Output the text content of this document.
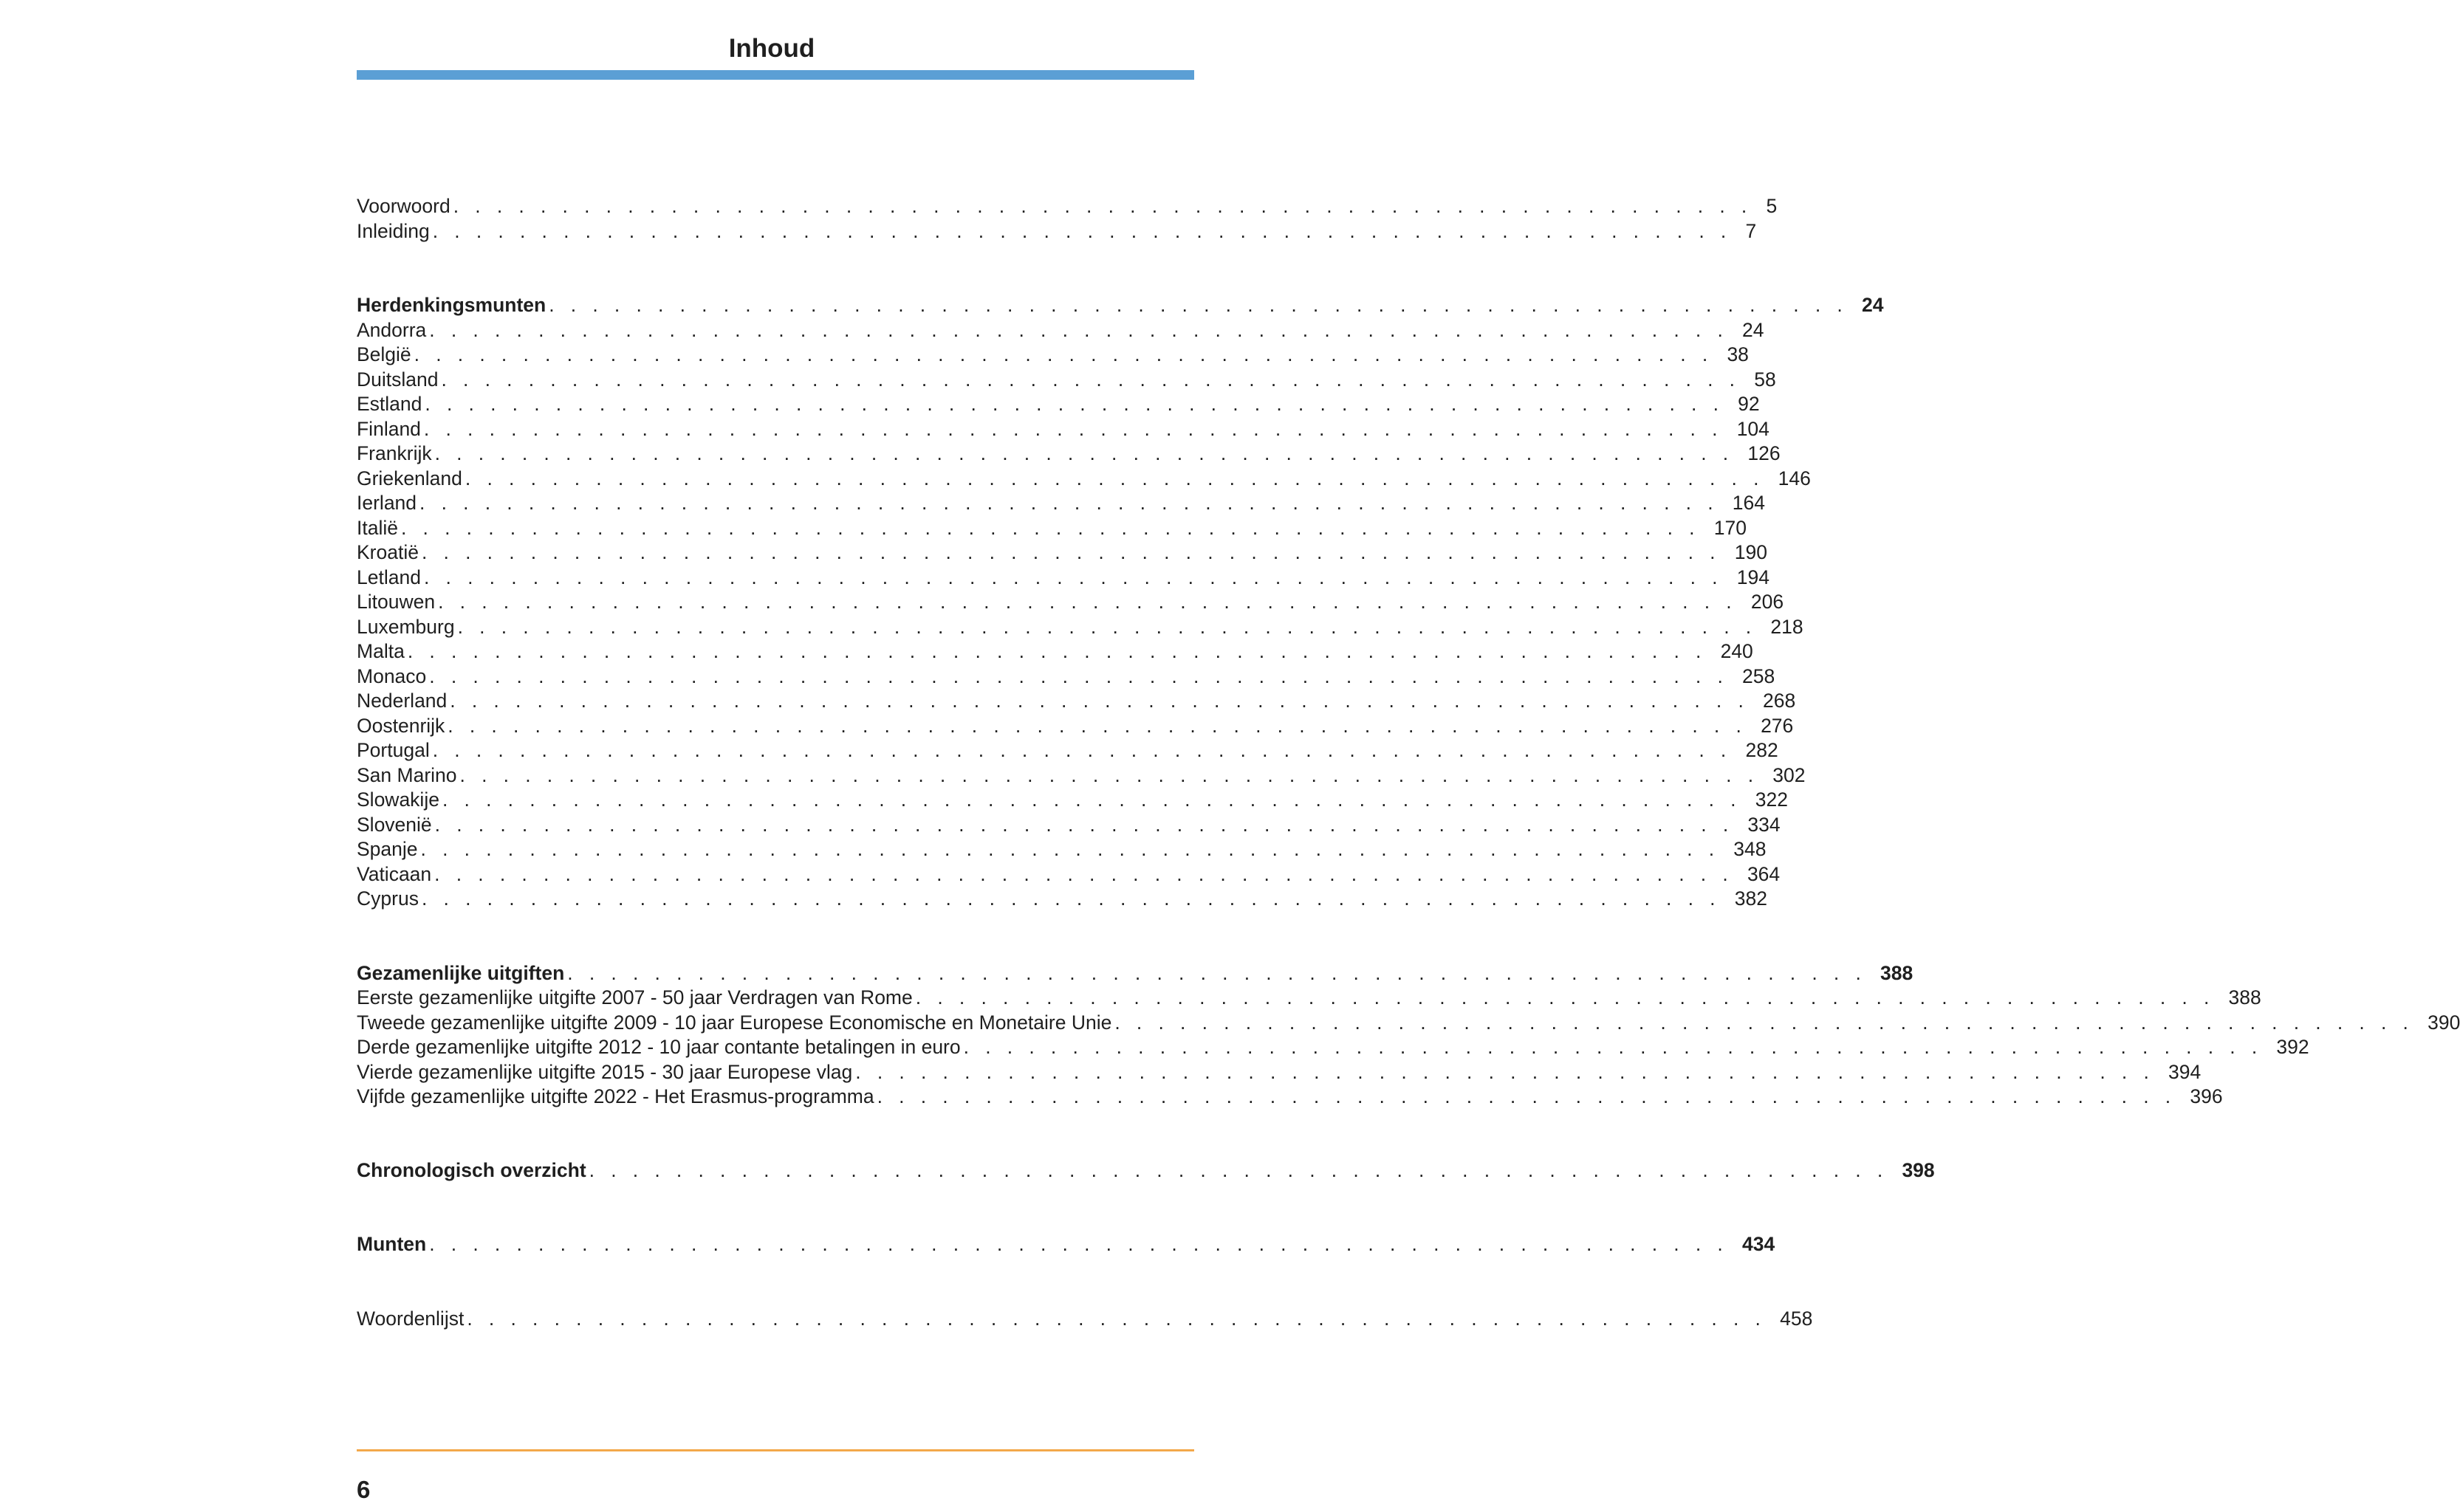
Inhoud
Voorwoord ............................................................ 5
Inleiding ............................................................ 7
Herdenkingsmunten ............................................................ 24
Andorra ............................................................ 24
België ............................................................ 38
Duitsland ............................................................ 58
Estland ............................................................ 92
Finland ............................................................ 104
Frankrijk ............................................................ 126
Griekenland ............................................................ 146
Ierland ............................................................ 164
Italië ............................................................ 170
Kroatië ............................................................ 190
Letland ............................................................ 194
Litouwen ............................................................ 206
Luxemburg ............................................................ 218
Malta ............................................................ 240
Monaco ............................................................ 258
Nederland ............................................................ 268
Oostenrijk ............................................................ 276
Portugal ............................................................ 282
San Marino ............................................................ 302
Slowakije ............................................................ 322
Slovenië ............................................................ 334
Spanje ............................................................ 348
Vaticaan ............................................................ 364
Cyprus ............................................................ 382
Gezamenlijke uitgiften ............................................................ 388
Eerste gezamenlijke uitgifte 2007 - 50 jaar Verdragen van Rome ............................................................ 388
Tweede gezamenlijke uitgifte 2009 - 10 jaar Europese Economische en Monetaire Unie ............................................................ 390
Derde gezamenlijke uitgifte 2012 - 10 jaar contante betalingen in euro ............................................................ 392
Vierde gezamenlijke uitgifte 2015 - 30 jaar Europese vlag ............................................................ 394
Vijfde gezamenlijke uitgifte 2022 - Het Erasmus-programma ............................................................ 396
Chronologisch overzicht ............................................................ 398
Munten ............................................................ 434
Woordenlijst ............................................................ 458
6
